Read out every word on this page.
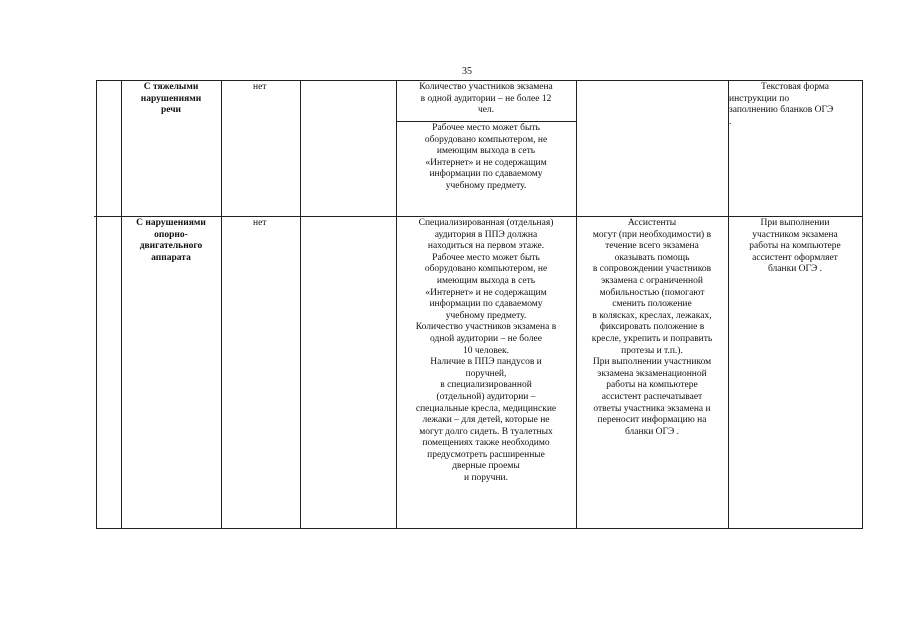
35
С тяжелыми
нарушениями
речи
нет	Количество участников экзамена
в одной аудитории – не более 12
чел.
Рабочее место может быть
оборудовано компьютером, не
имеющим выхода в сеть
«Интернет» и не содержащим
информации по сдаваемому
учебному предмету.
Текстовая форма
инструкции по
заполнению бланков ОГЭ
.
С нарушениями
опорно-
двигательного
аппарата
нет	Специализированная (отдельная)
аудитория в ППЭ должна
находиться на первом этаже.
Рабочее место может быть
оборудовано компьютером, не
имеющим выхода в сеть
«Интернет» и не содержащим
информации по сдаваемому
учебному предмету.
Количество участников экзамена в
одной аудитории – не более
10 человек.
Наличие в ППЭ пандусов и
поручней,
в специализированной
(отдельной) аудитории –
специальные кресла, медицинские
лежаки – для детей, которые не
могут долго сидеть. В туалетных
помещениях также необходимо
предусмотреть расширенные
дверные проемы
и поручни.
Ассистенты
могут (при необходимости) в
течение всего экзамена
оказывать помощь
в сопровождении участников
экзамена с ограниченной
мобильностью (помогают
сменить положение
в колясках, креслах, лежаках,
фиксировать положение в
кресле, укрепить и поправить
протезы и т.п.).
При выполнении участником
экзамена экзаменационной
работы на компьютере
ассистент распечатывает
ответы участника экзамена и
переносит информацию на
бланки ОГЭ .
При выполнении
участником экзамена
работы на компьютере
ассистент оформляет
бланки ОГЭ .
